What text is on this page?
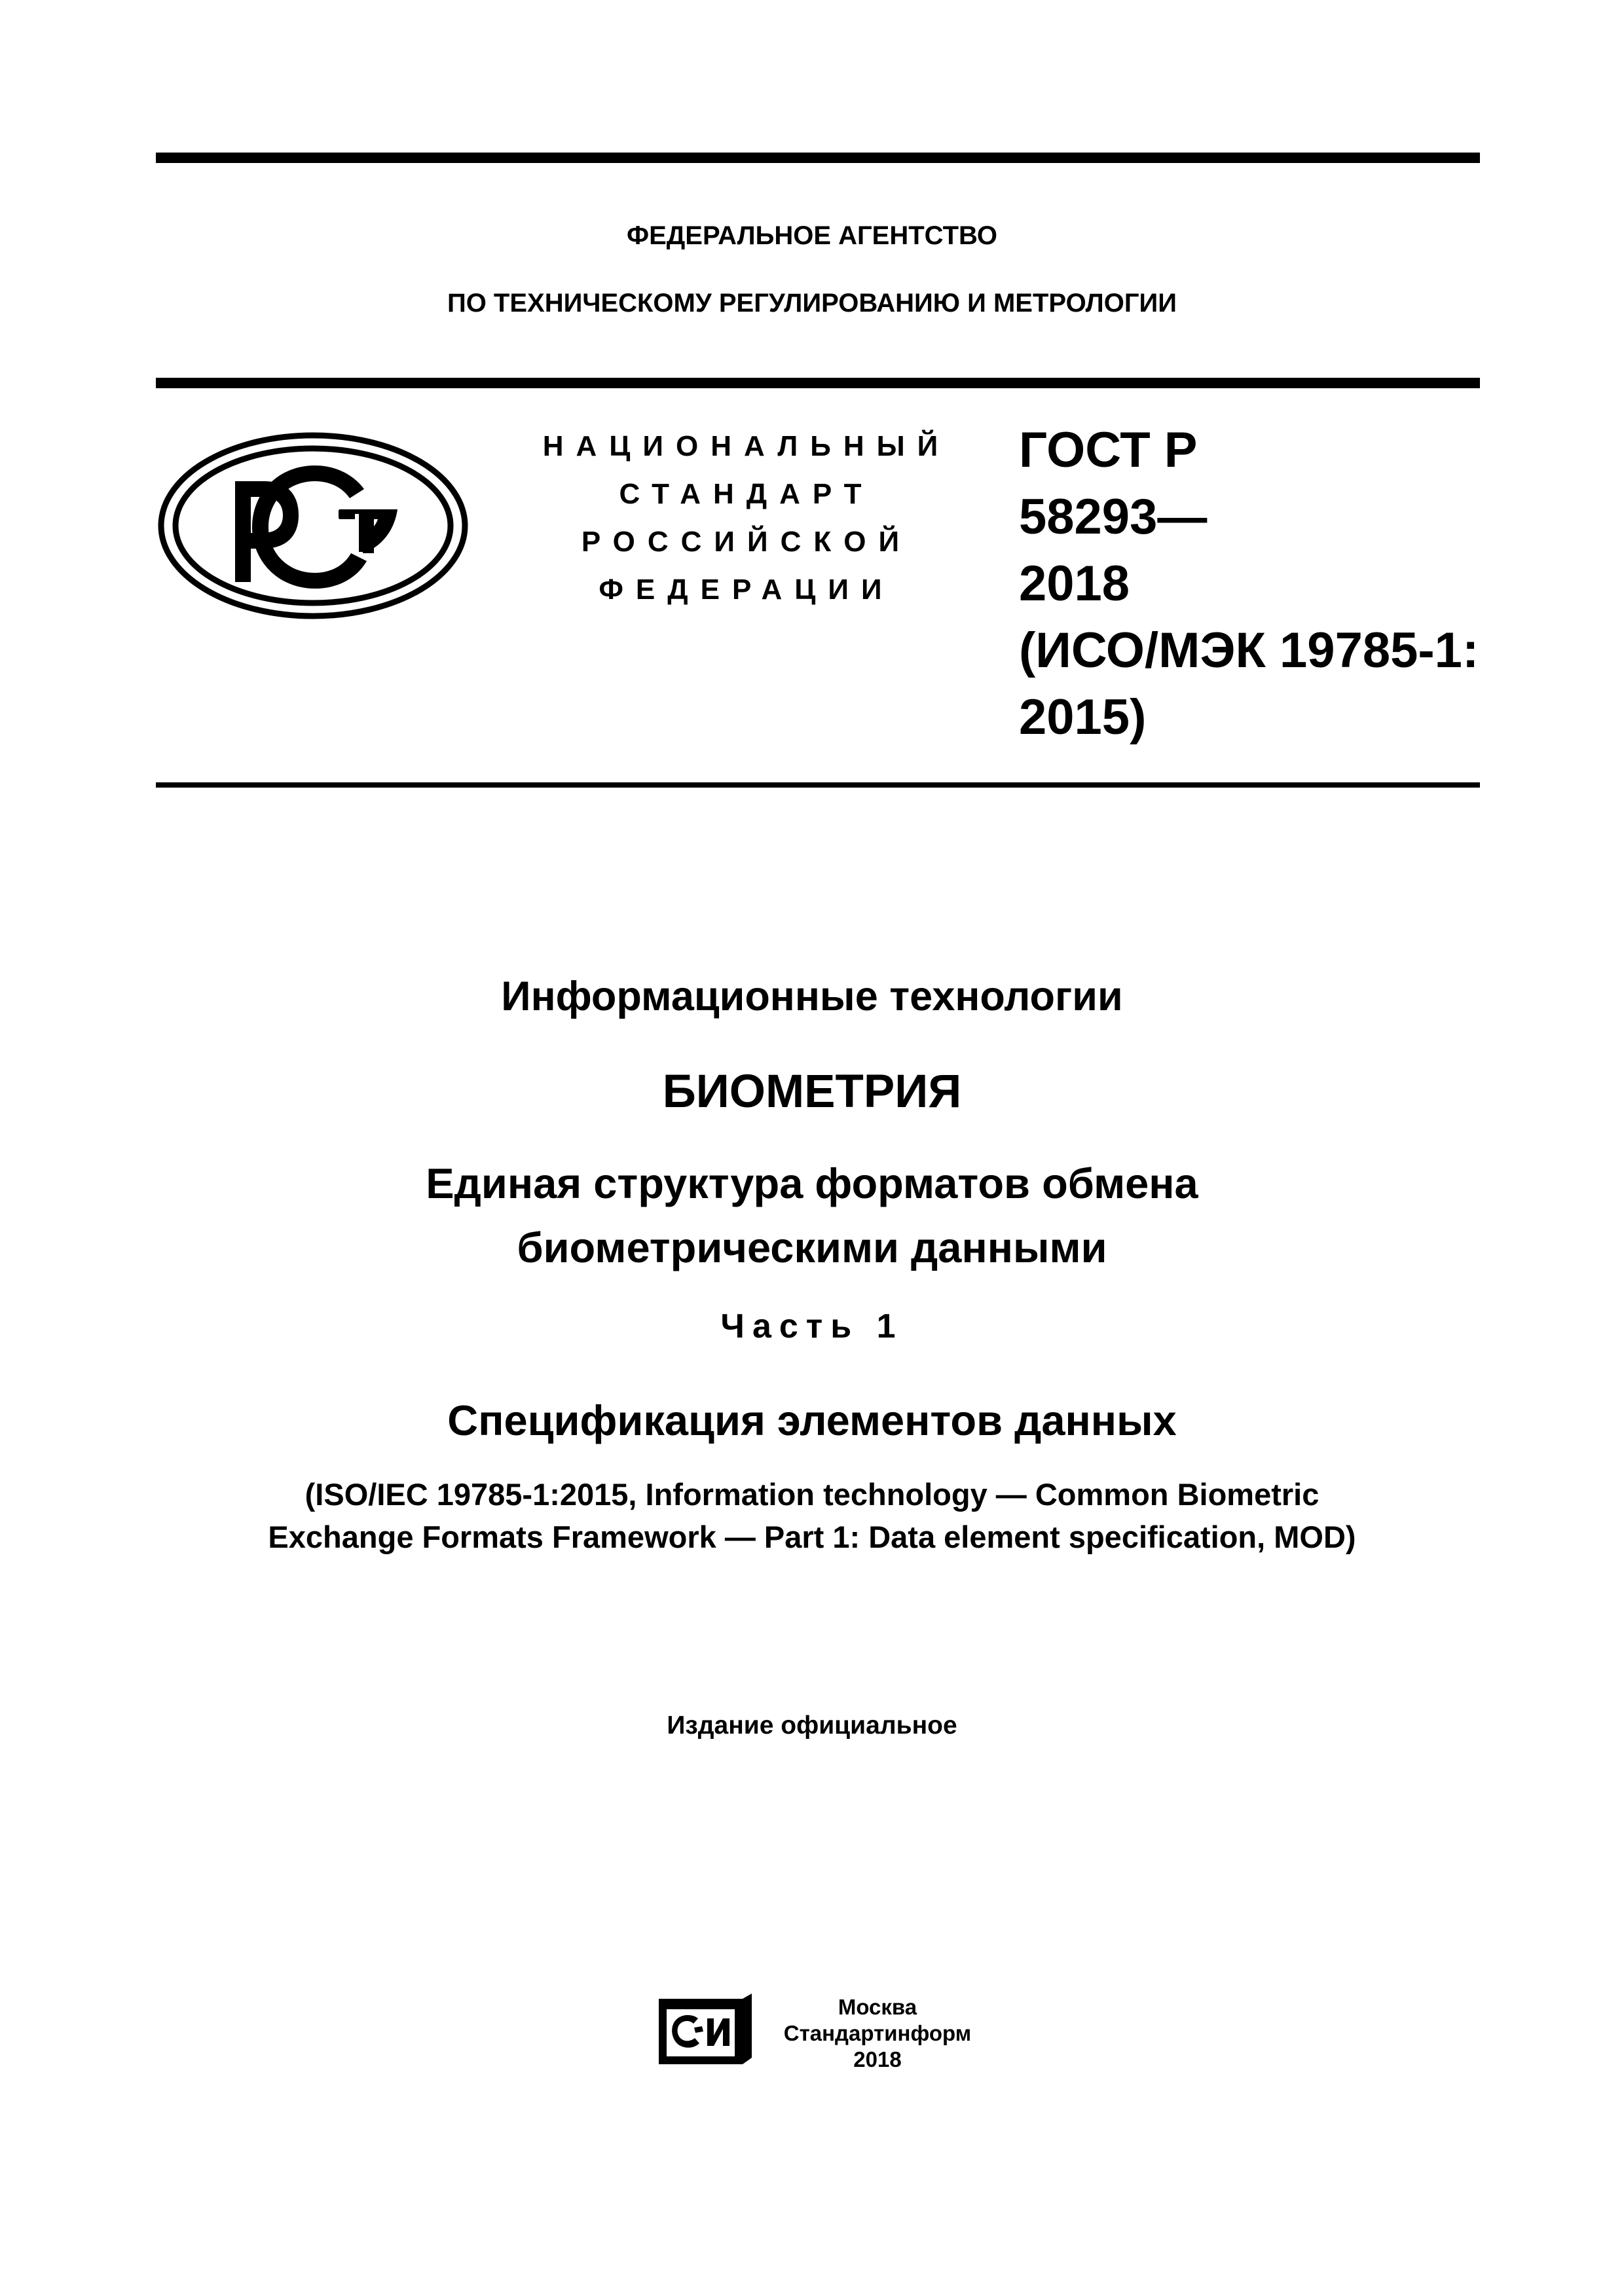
ФЕДЕРАЛЬНОЕ АГЕНТСТВО
ПО ТЕХНИЧЕСКОМУ РЕГУЛИРОВАНИЮ И МЕТРОЛОГИИ
НАЦИОНАЛЬНЫЙ
СТАНДАРТ
РОССИЙСКОЙ
ФЕДЕРАЦИИ
ГОСТ Р
58293—
2018
(ИСО/МЭК 19785-1:
2015)
Информационные технологии
БИОМЕТРИЯ
Единая структура форматов обмена
биометрическими данными
Часть 1
Спецификация элементов данных
(ISO/IEC 19785-1:2015, Information technology — Common Biometric
Exchange Formats Framework — Part 1: Data element specification, MOD)
Издание официальное
Москва
Стандартинформ
2018
